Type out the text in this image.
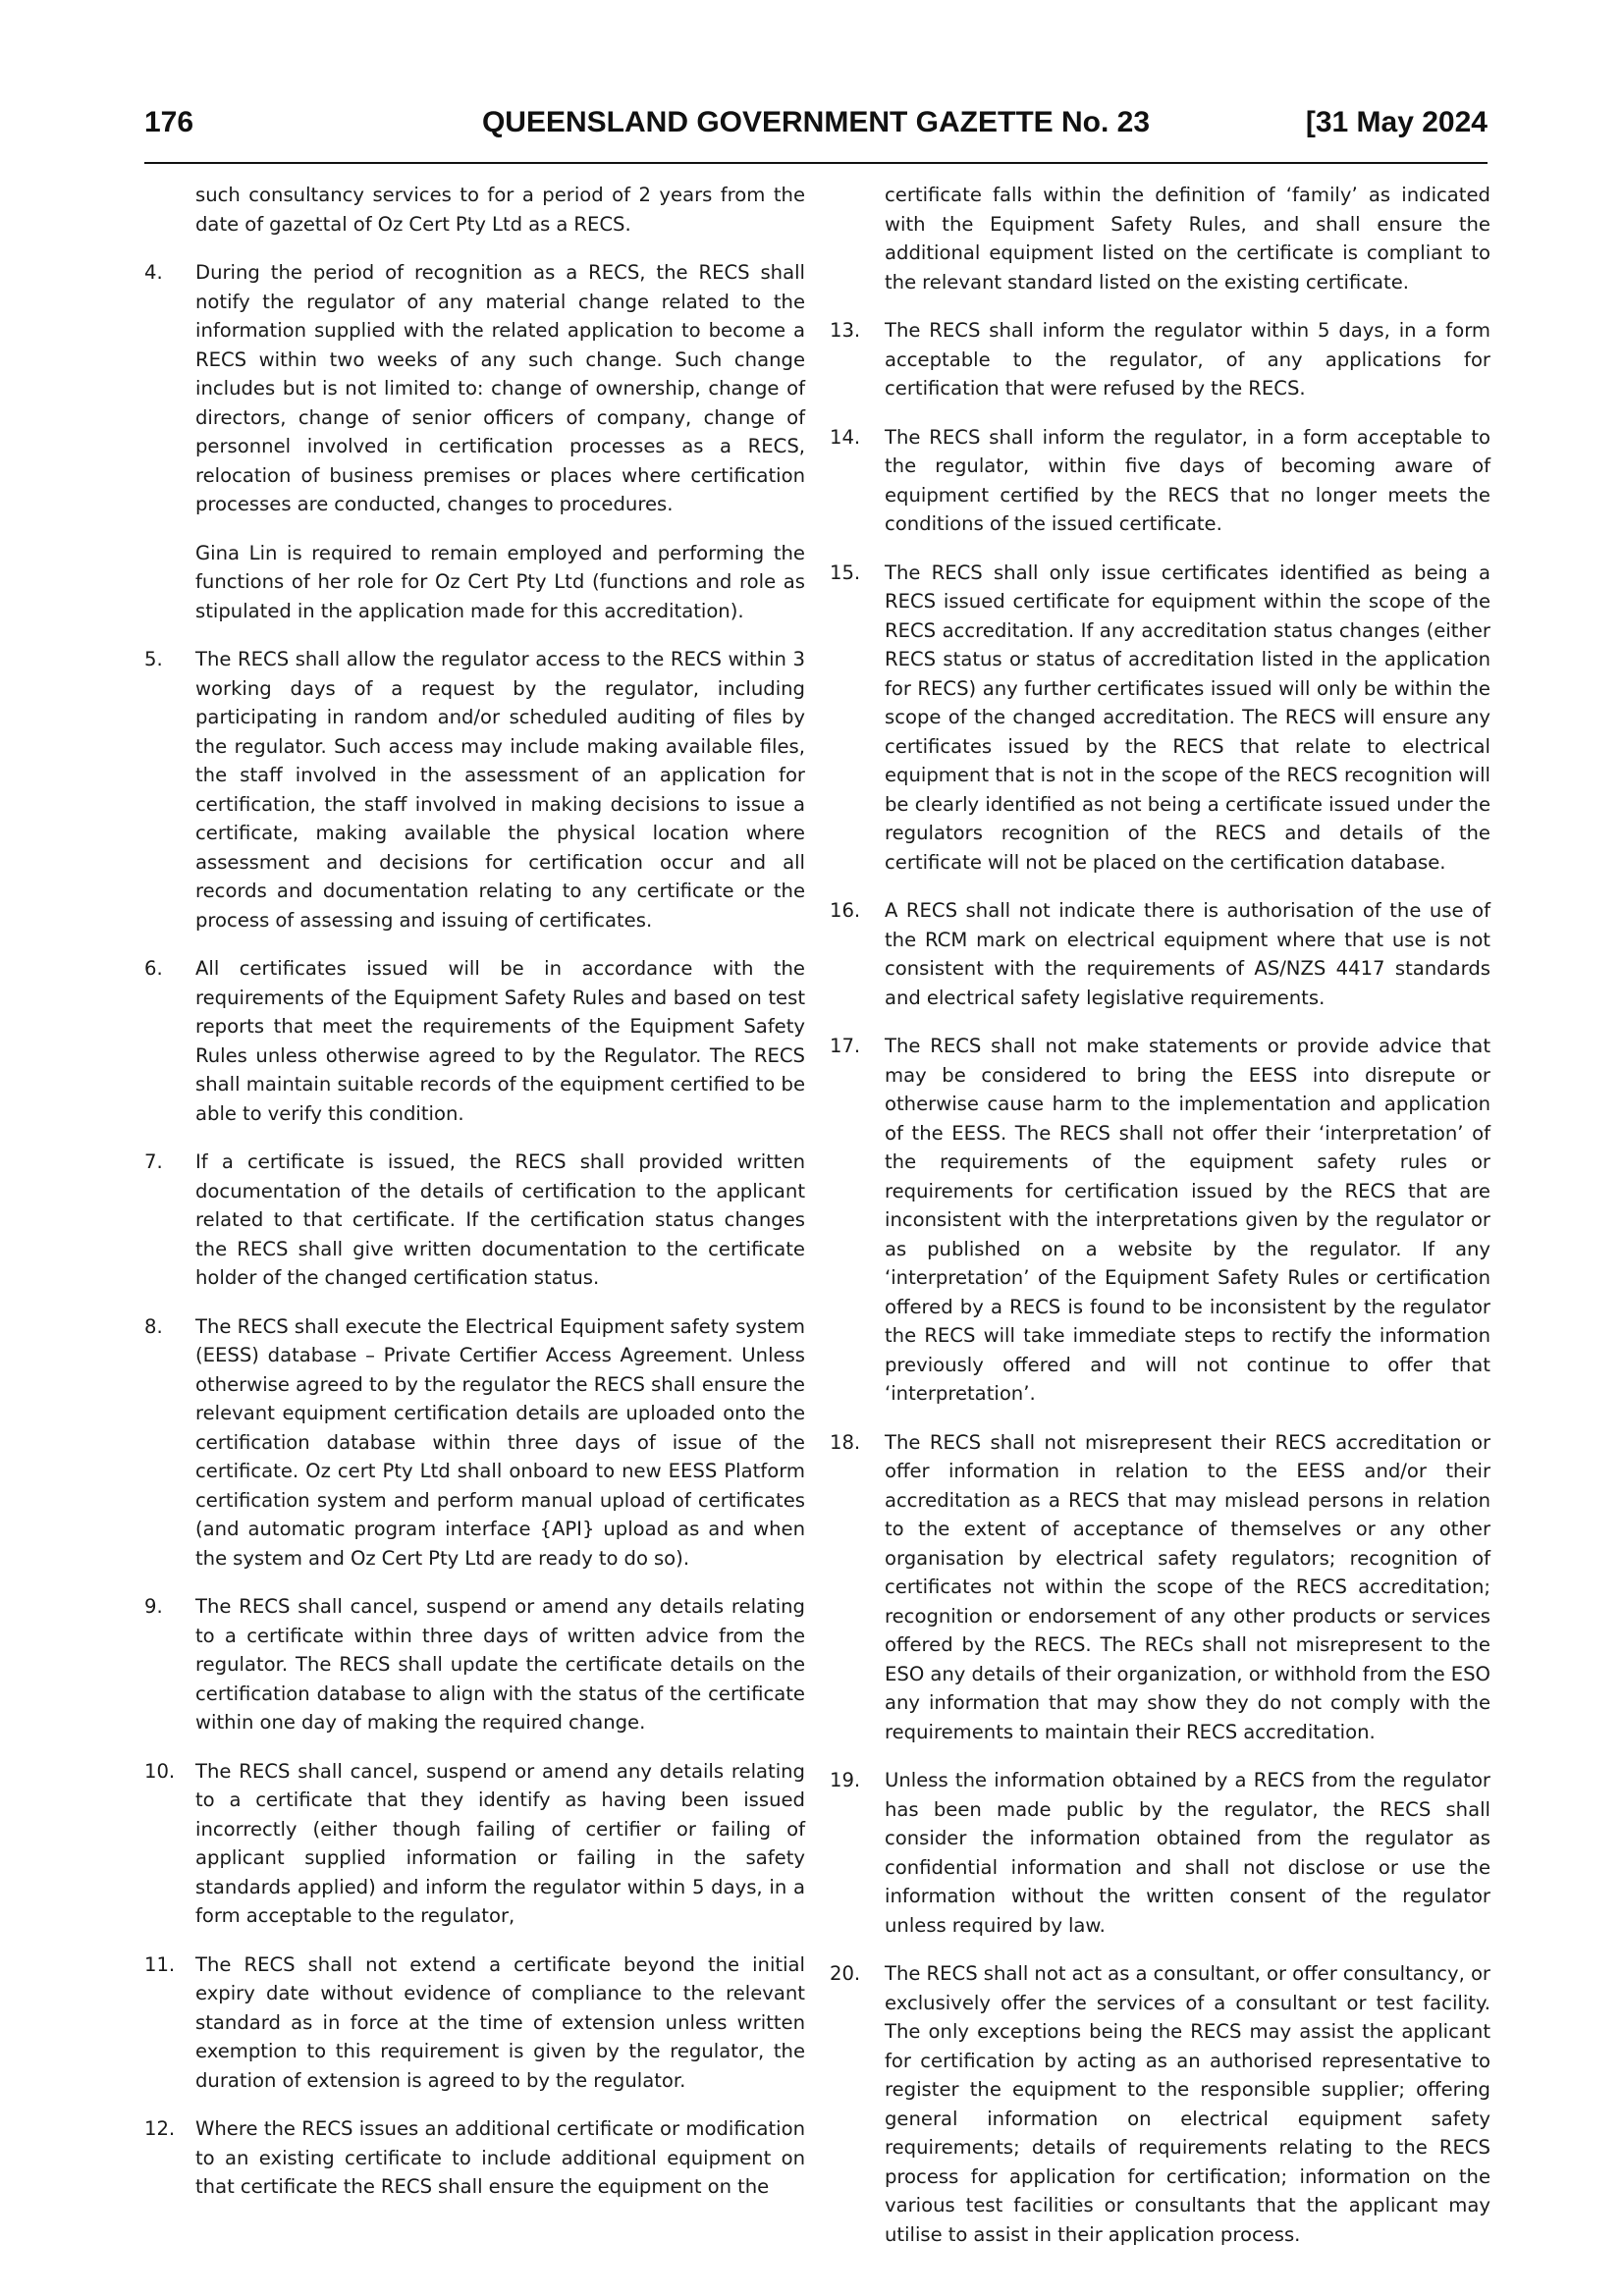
176	QUEENSLAND GOVERNMENT GAZETTE No. 23	[31 May 2024

such consultancy services to for a period of 2 years from the date of gazettal of Oz Cert Pty Ltd as a RECS.

4.	During the period of recognition as a RECS, the RECS shall notify the regulator of any material change related to the information supplied with the related application to become a RECS within two weeks of any such change. Such change includes but is not limited to: change of ownership, change of directors, change of senior officers of company, change of personnel involved in certification processes as a RECS, relocation of business premises or places where certification processes are conducted, changes to procedures.

Gina Lin is required to remain employed and performing the functions of her role for Oz Cert Pty Ltd (functions and role as stipulated in the application made for this accreditation).

5.	The RECS shall allow the regulator access to the RECS within 3 working days of a request by the regulator, including participating in random and/or scheduled auditing of files by the regulator. Such access may include making available files, the staff involved in the assessment of an application for certification, the staff involved in making decisions to issue a certificate, making available the physical location where assessment and decisions for certification occur and all records and documentation relating to any certificate or the process of assessing and issuing of certificates.

6.	All certificates issued will be in accordance with the requirements of the Equipment Safety Rules and based on test reports that meet the requirements of the Equipment Safety Rules unless otherwise agreed to by the Regulator. The RECS shall maintain suitable records of the equipment certified to be able to verify this condition.

7.	If a certificate is issued, the RECS shall provided written documentation of the details of certification to the applicant related to that certificate. If the certification status changes the RECS shall give written documentation to the certificate holder of the changed certification status.

8.	The RECS shall execute the Electrical Equipment safety system (EESS) database – Private Certifier Access Agreement. Unless otherwise agreed to by the regulator the RECS shall ensure the relevant equipment certification details are uploaded onto the certification database within three days of issue of the certificate. Oz cert Pty Ltd shall onboard to new EESS Platform certification system and perform manual upload of certificates (and automatic program interface {API} upload as and when the system and Oz Cert Pty Ltd are ready to do so).

9.	The RECS shall cancel, suspend or amend any details relating to a certificate within three days of written advice from the regulator. The RECS shall update the certificate details on the certification database to align with the status of the certificate within one day of making the required change.

10.	The RECS shall cancel, suspend or amend any details relating to a certificate that they identify as having been issued incorrectly (either though failing of certifier or failing of applicant supplied information or failing in the safety standards applied) and inform the regulator within 5 days, in a form acceptable to the regulator,

11.	The RECS shall not extend a certificate beyond the initial expiry date without evidence of compliance to the relevant standard as in force at the time of extension unless written exemption to this requirement is given by the regulator, the duration of extension is agreed to by the regulator.

12.	Where the RECS issues an additional certificate or modification to an existing certificate to include additional equipment on that certificate the RECS shall ensure the equipment on the

certificate falls within the definition of ‘family’ as indicated with the Equipment Safety Rules, and shall ensure the additional equipment listed on the certificate is compliant to the relevant standard listed on the existing certificate.

13.	The RECS shall inform the regulator within 5 days, in a form acceptable to the regulator, of any applications for certification that were refused by the RECS.

14.	The RECS shall inform the regulator, in a form acceptable to the regulator, within five days of becoming aware of equipment certified by the RECS that no longer meets the conditions of the issued certificate.

15.	The RECS shall only issue certificates identified as being a RECS issued certificate for equipment within the scope of the RECS accreditation. If any accreditation status changes (either RECS status or status of accreditation listed in the application for RECS) any further certificates issued will only be within the scope of the changed accreditation. The RECS will ensure any certificates issued by the RECS that relate to electrical equipment that is not in the scope of the RECS recognition will be clearly identified as not being a certificate issued under the regulators recognition of the RECS and details of the certificate will not be placed on the certification database.

16.	A RECS shall not indicate there is authorisation of the use of the RCM mark on electrical equipment where that use is not consistent with the requirements of AS/NZS 4417 standards and electrical safety legislative requirements.

17.	The RECS shall not make statements or provide advice that may be considered to bring the EESS into disrepute or otherwise cause harm to the implementation and application of the EESS. The RECS shall not offer their ‘interpretation’ of the requirements of the equipment safety rules or requirements for certification issued by the RECS that are inconsistent with the interpretations given by the regulator or as published on a website by the regulator. If any ‘interpretation’ of the Equipment Safety Rules or certification offered by a RECS is found to be inconsistent by the regulator the RECS will take immediate steps to rectify the information previously offered and will not continue to offer that ‘interpretation’.

18.	The RECS shall not misrepresent their RECS accreditation or offer information in relation to the EESS and/or their accreditation as a RECS that may mislead persons in relation to the extent of acceptance of themselves or any other organisation by electrical safety regulators; recognition of certificates not within the scope of the RECS accreditation; recognition or endorsement of any other products or services offered by the RECS. The RECs shall not misrepresent to the ESO any details of their organization, or withhold from the ESO any information that may show they do not comply with the requirements to maintain their RECS accreditation.

19.	Unless the information obtained by a RECS from the regulator has been made public by the regulator, the RECS shall consider the information obtained from the regulator as confidential information and shall not disclose or use the information without the written consent of the regulator unless required by law.

20.	The RECS shall not act as a consultant, or offer consultancy, or exclusively offer the services of a consultant or test facility. The only exceptions being the RECS may assist the applicant for certification by acting as an authorised representative to register the equipment to the responsible supplier; offering general information on electrical equipment safety requirements; details of requirements relating to the RECS process for application for certification; information on the various test facilities or consultants that the applicant may utilise to assist in their application process.
